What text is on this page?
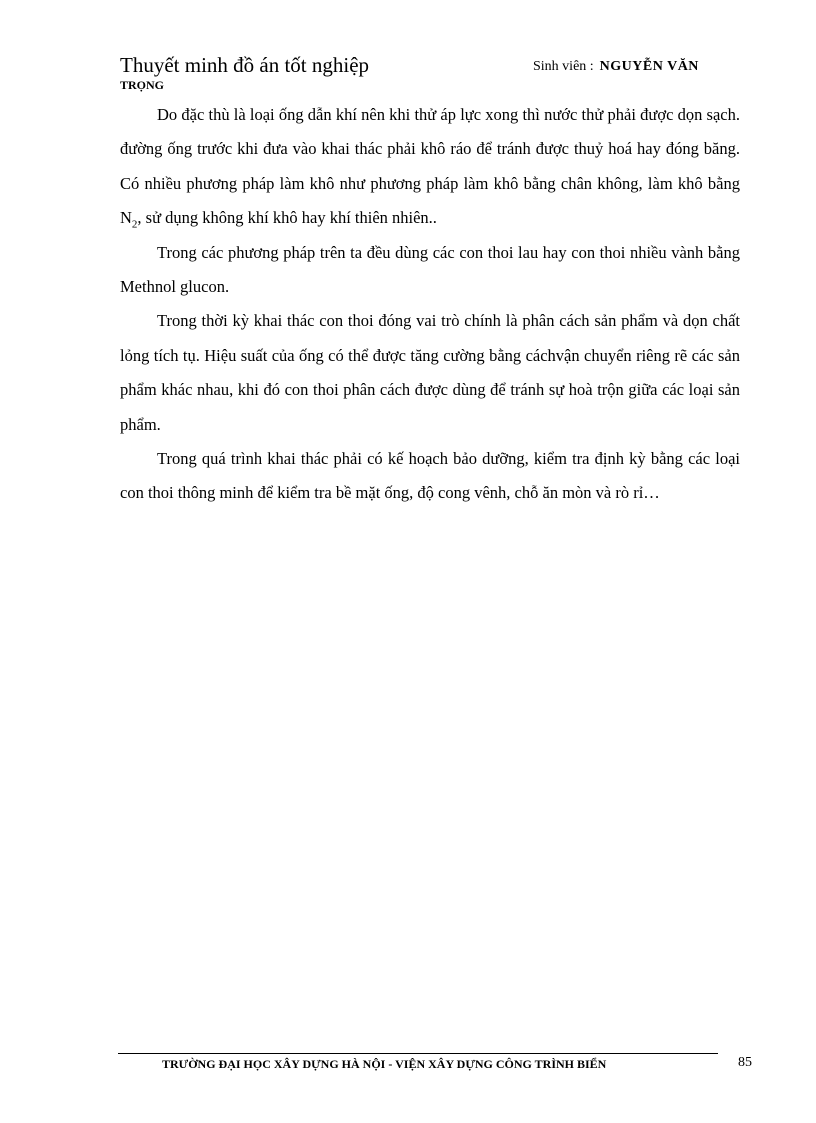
Thuyết minh đồ án tốt nghiệp	Sinh viên : NGUYỄN VĂN
TRỌNG

Do đặc thù là loại ống dẫn khí nên khi thử áp lực xong thì nước thử phải được dọn sạch. đường ống trước khi đưa vào khai thác phải khô ráo để tránh được thuỷ hoá hay đóng băng. Có nhiều phương pháp làm khô như phương pháp làm khô bằng chân không, làm khô bằng $N_2$, sử dụng không khí khô hay khí thiên nhiên..

Trong các phương pháp trên ta đều dùng các con thoi lau hay con thoi nhiều vành bằng Methnol glucon.

Trong thời kỳ khai thác con thoi đóng vai trò chính là phân cách sản phẩm và dọn chất lỏng tích tụ. Hiệu suất của ống có thể được tăng cường bằng cáchvận chuyển riêng rẽ các sản phẩm khác nhau, khi đó con thoi phân cách được dùng để tránh sự hoà trộn giữa các loại sản phẩm.

Trong quá trình khai thác phải có kế hoạch bảo dưỡng, kiểm tra định kỳ bằng các loại con thoi thông minh để kiểm tra bề mặt ống, độ cong vênh, chỗ ăn mòn và rò rỉ…

TRƯỜNG ĐẠI HỌC XÂY DỰNG HÀ NỘI - VIỆN XÂY DỰNG CÔNG TRÌNH BIỂN	85
